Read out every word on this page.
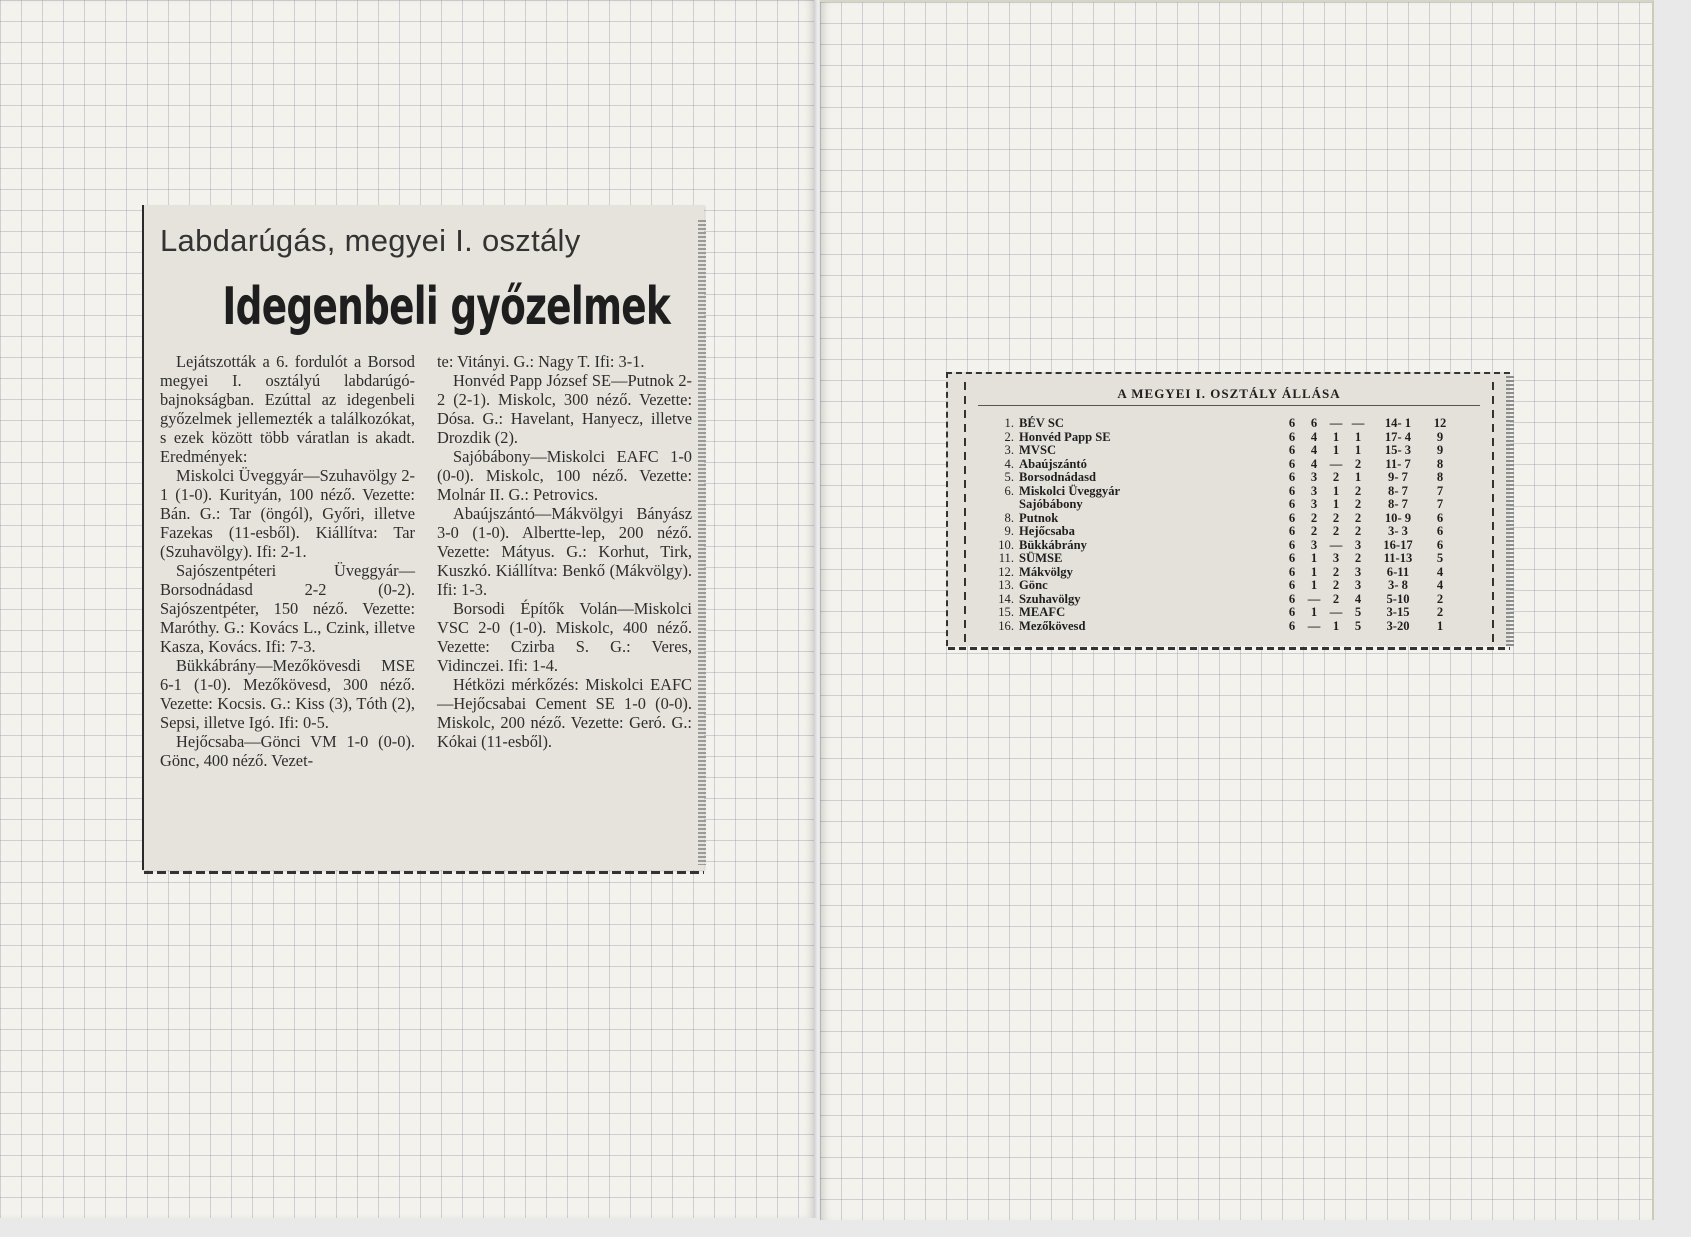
Labdarúgás, megyei I. osztály
Idegenbeli győzelmek

Lejátszották a 6. fordulót a Borsod megyei I. osztályú labdarúgó-bajnokságban. Ezúttal az idegenbeli győzelmek jellemezték a találkozókat, s ezek között több váratlan is akadt. Eredmények:

Miskolci Üveggyár—Szuhavölgy 2-1 (1-0). Kurityán, 100 néző. Vezette: Bán. G.: Tar (öngól), Győri, illetve Fazekas (11-esből). Kiállítva: Tar (Szuhavölgy). Ifi: 2-1.

Sajószentpéteri Üveggyár—Borsodnádasd 2-2 (0-2). Sajószentpéter, 150 néző. Vezette: Maróthy. G.: Kovács L., Czink, illetve Kasza, Kovács. Ifi: 7-3.

Bükkábrány—Mezőkövesdi MSE 6-1 (1-0). Mezőkövesd, 300 néző. Vezette: Kocsis. G.: Kiss (3), Tóth (2), Sepsi, illetve Igó. Ifi: 0-5.

Hejőcsaba—Gönci VM 1-0 (0-0). Gönc, 400 néző. Vezet-

te: Vitányi. G.: Nagy T. Ifi: 3-1.

Honvéd Papp József SE—Putnok 2-2 (2-1). Miskolc, 300 néző. Vezette: Dósa. G.: Havelant, Hanyecz, illetve Drozdik (2).

Sajóbábony—Miskolci EAFC 1-0 (0-0). Miskolc, 100 néző. Vezette: Molnár II. G.: Petrovics.

Abaújszántó—Mákvölgyi Bányász 3-0 (1-0). Albertte-lep, 200 néző. Vezette: Mátyus. G.: Korhut, Tirk, Kuszkó. Kiállítva: Benkő (Mákvölgy). Ifi: 1-3.

Borsodi Építők Volán—Miskolci VSC 2-0 (1-0). Miskolc, 400 néző. Vezette: Czirba S. G.: Veres, Vidinczei. Ifi: 1-4.

Hétközi mérkőzés: Miskolci EAFC—Hejőcsabai Cement SE 1-0 (0-0). Miskolc, 200 néző. Vezette: Geró. G.: Kókai (11-esből).

A MEGYEI I. OSZTÁLY ÁLLÁSA
1. BÉV SC	6	6 — —	14- 1	12
2. Honvéd Papp SE	6	4	1	1	17- 4	9
3. MVSC	6	4	1	1	15- 3	9
4. Abaújszántó	6	4 — 2	11- 7	8
5. Borsodnádasd	6	3	2	1	9- 7	8
6. Miskolci Üveggyár	6	3	1	2	8- 7	7
Sajóbábony	6	3	1	2	8- 7	7
8. Putnok	6	2	2	2	10- 9	6
9. Hejőcsaba	6	2	2	2	3- 3	6
10. Bükkábrány	6	3 — 3	16-17	6
11. SÜMSE	6	1	3	2	11-13	5
12. Mákvölgy	6	1	2	3	6-11	4
13. Gönc	6	1	2	3	3- 8	4
14. Szuhavölgy	6 — 2	4	5-10	2
15. MEAFC	6	1 — 5	3-15	2
16. Mezőkövesd	6 — 1	5	3-20	1
